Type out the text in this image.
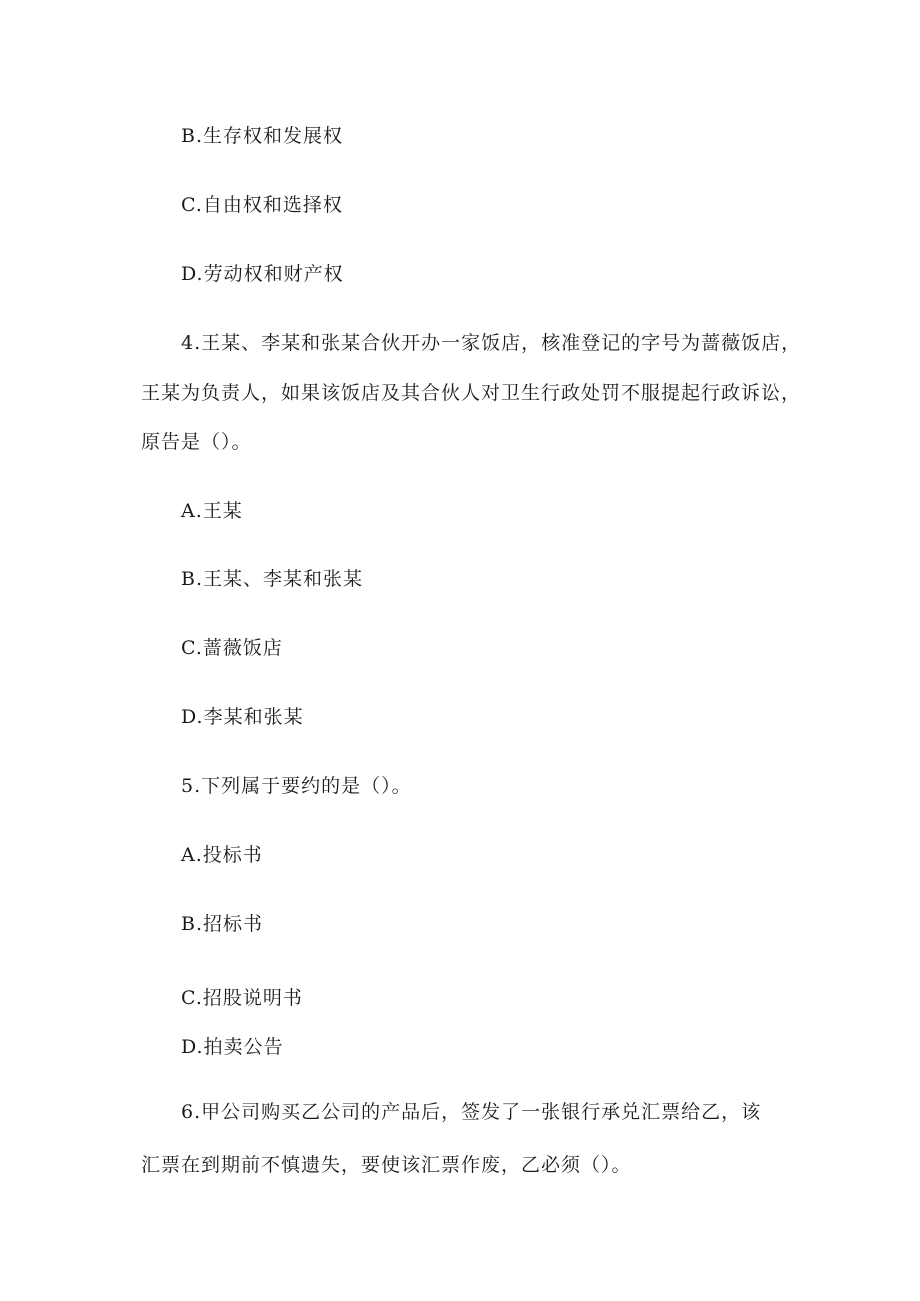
B.生存权和发展权
C.自由权和选择权
D.劳动权和财产权
4.王某、李某和张某合伙开办一家饭店，核准登记的字号为蔷薇饭店，
王某为负责人，如果该饭店及其合伙人对卫生行政处罚不服提起行政诉讼，
原告是（）。
A.王某
B.王某、李某和张某
C.蔷薇饭店
D.李某和张某
5.下列属于要约的是（）。
A.投标书
B.招标书
C.招股说明书
D.拍卖公告
6.甲公司购买乙公司的产品后，签发了一张银行承兑汇票给乙，该
汇票在到期前不慎遗失，要使该汇票作废，乙必须（）。
